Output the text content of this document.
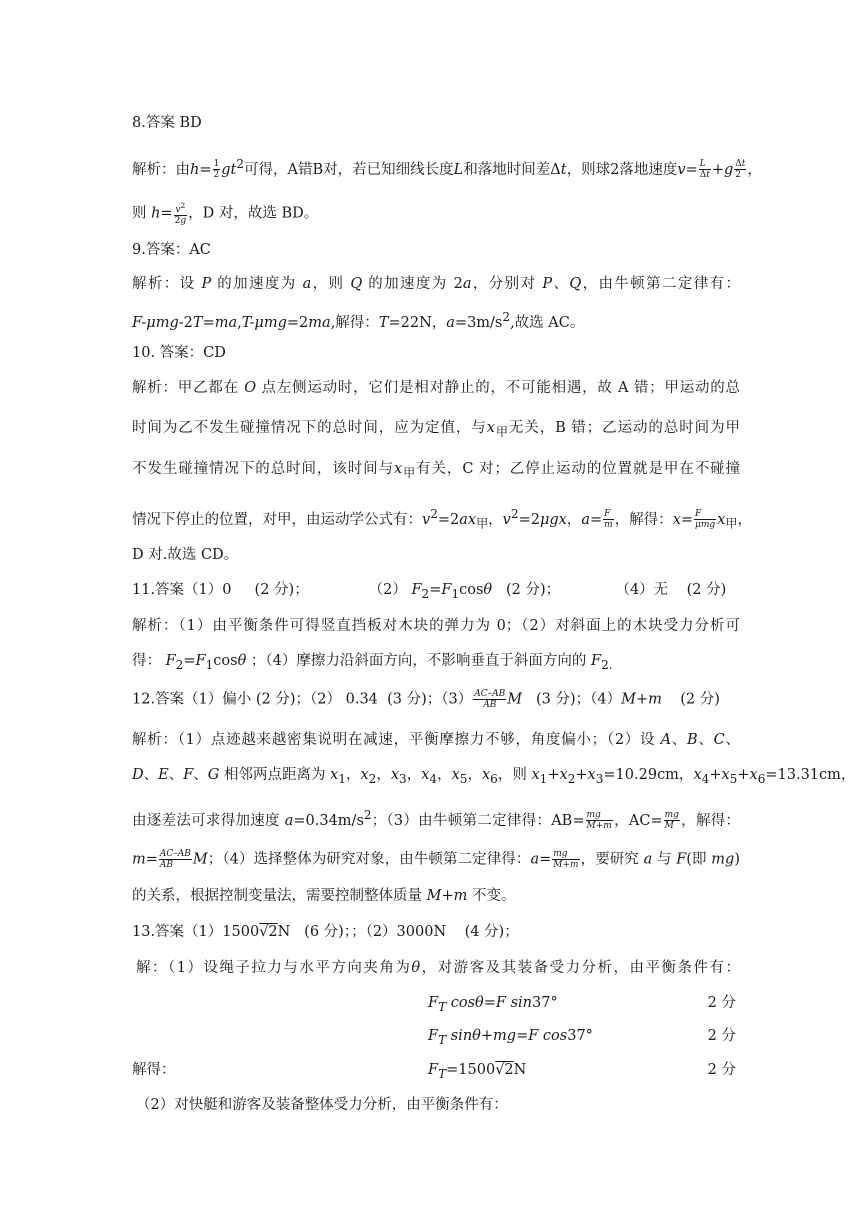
8.答案 BD
解析：由$h= \frac{1}{2} gt^2$可得，A错B对，若已知细线长度L和落地时间差Δt，则球2落地速度$v= \frac{L}{\Delta t} +g \frac{\Delta t}{2}$ ，
则 $h= \frac{v^2}{2g}$ ，D 对，故选 BD。
9.答案：AC
解析：设 P 的加速度为 a，则 Q 的加速度为 2a，分别对 P、Q，由牛顿第二定律有：
F-μmg-2T=ma,T-μmg=2ma,解得：T=22N，$a=3m/s^2$,故选 AC。
10. 答案：CD
解析：甲乙都在 O 点左侧运动时，它们是相对静止的，不可能相遇，故 A 错；甲运动的总
时间为乙不发生碰撞情况下的总时间，应为定值，与$x_甲$无关，B 错；乙运动的总时间为甲
不发生碰撞情况下的总时间，该时间与$x_甲$有关，C 对；乙停止运动的位置就是甲在不碰撞
情况下停止的位置，对甲，由运动学公式有：$v^2=2ax_甲$，$v^2=2\mu gx$，$a= \frac{F}{m}$ ，解得：x= F
μmg $x_甲$，
D 对.故选 CD。
11.答案（1）0     (2 分)；             （2） $F_2=F_1\cos\theta$   (2 分)；            （4）无    (2 分)
解析：（1）由平衡条件可得竖直挡板对木块的弹力为 0；（2）对斜面上的木块受力分析可
得： $F_2=F_1\cos\theta$ ；（4）摩擦力沿斜面方向，不影响垂直于斜面方向的 $F_{2.}$
12.答案（1）偏小 (2 分)；（2） 0.34  (3 分)；$(3) \frac{AC-AB}{AB}$ M   (3 分)；（4）M+m    (2 分)
解析：（1）点迹越来越密集说明在减速，平衡摩擦力不够，角度偏小；（2）设 A、B、C、
D、E、F、G 相邻两点距离为 $x_1$，$x_2$，$x_3$，$x_4$，$x_5$，$x_6$，则 $x_1+x_2+x_3=10.29cm$，$x_4+x_5+x_6=13.31cm$，
由逐差法可求得加速度 $a=0.34m/s^2$；（3）由牛顿第二定律得：$AB= \frac{mg}{M+m}$ ，$AC= \frac{mg}{M}$ ，解得：
$m= \frac{AC-AB}{AB}$ M；（4）选择整体为研究对象，由牛顿第二定律得：$a= \frac{mg}{M+m}$ ，要研究 a 与 F(即 mg)
的关系，根据控制变量法，需要控制整体质量 M+m 不变。
13.答案（1）1500√2N   (6 分)；；（2）3000N    (4 分)；
解：（1）设绳子拉力与水平方向夹角为θ，对游客及其装备受力分析，由平衡条件有：
$F_T$ cosθ=F sin37°	2 分
$F_T$ sinθ+mg=F cos37°	2 分
解得：	$F_T=1500√2N$	2 分
（2）对快艇和游客及装备整体受力分析，由平衡条件有：
